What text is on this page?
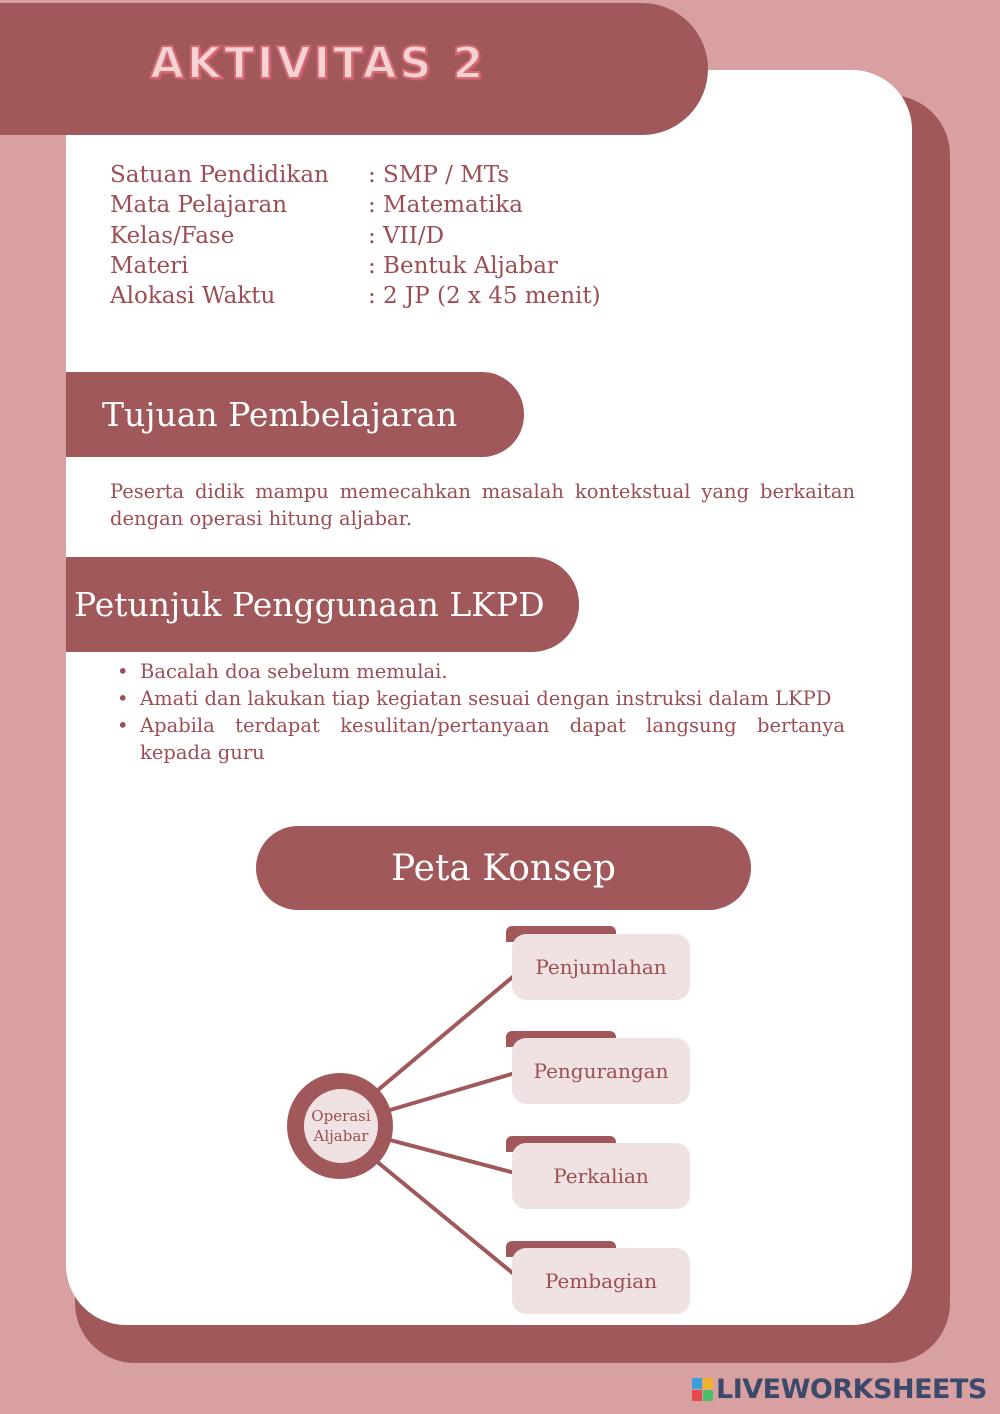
AKTIVITAS 2
Satuan Pendidikan	: SMP / MTs
Mata Pelajaran	: Matematika
Kelas/Fase	: VII/D
Materi	: Bentuk Aljabar
Alokasi Waktu	: 2 JP (2 x 45 menit)
Tujuan Pembelajaran
Peserta didik mampu memecahkan masalah kontekstual yang berkaitan dengan operasi hitung aljabar.
Petunjuk Penggunaan LKPD
• Bacalah doa sebelum memulai.
• Amati dan lakukan tiap kegiatan sesuai dengan instruksi dalam LKPD
• Apabila terdapat kesulitan/pertanyaan dapat langsung bertanya kepada guru
Peta Konsep
Penjumlahan
Pengurangan
Perkalian
Pembagian
Operasi
Aljabar
LIVEWORKSHEETS
